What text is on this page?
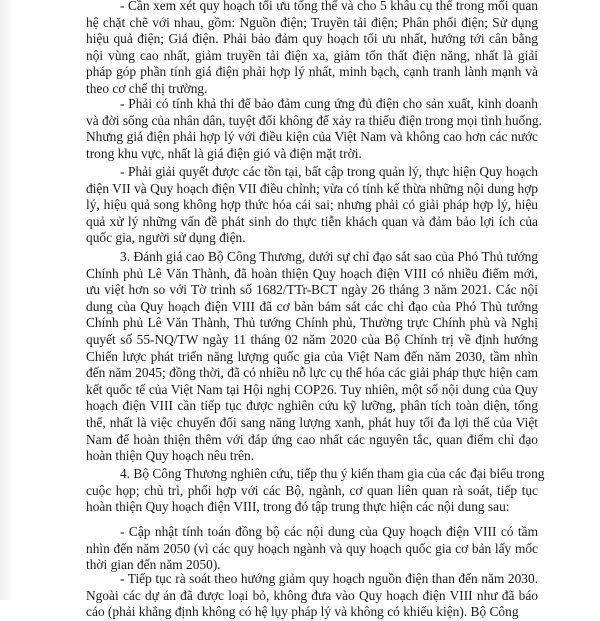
- Cần xem xét quy hoạch tổi ưu tổng thể và cho 5 khâu cụ thể trong mối quan
hệ chặt chẽ với nhau, gồm: Nguồn điện; Truyền tải điện; Phân phối điện; Sử dụng
hiệu quả điện; Giá điện. Phải bảo đảm quy hoạch tối ưu nhất, hướng tới cân bằng
nội vùng cao nhất, giảm truyền tải điện xa, giảm tổn thất điện năng, nhất là giải
pháp góp phần tính giá điện phải hợp lý nhất, minh bạch, cạnh tranh lành mạnh và
theo cơ chế thị trường.
- Phải có tính khả thi để bảo đảm cung ứng đủ điện cho sản xuất, kinh doanh
và đời sống của nhân dân, tuyệt đối không để xảy ra thiếu điện trong mọi tình huống.
Nhưng giá điện phải hợp lý với điều kiện của Việt Nam và không cao hơn các nước
trong khu vực, nhất là giá điện gió và điện mặt trời.
- Phải giải quyết được các tồn tại, bất cập trong quản lý, thực hiện Quy hoạch
điện VII và Quy hoạch điện VII điều chỉnh; vừa có tính kế thừa những nội dung hợp
lý, hiệu quả song không hợp thức hóa cái sai; nhưng phải có giải pháp hợp lý, hiệu
quả xử lý những vấn đề phát sinh do thực tiễn khách quan và đảm bảo lợi ích của
quốc gia, người sử dụng điện.
3. Đánh giá cao Bộ Công Thương, dưới sự chỉ đạo sát sao của Phó Thủ tướng
Chính phủ Lê Văn Thành, đã hoàn thiện Quy hoạch điện VIII có nhiều điểm mới,
ưu việt hơn so với Tờ trình số 1682/TTr-BCT ngày 26 tháng 3 năm 2021. Các nội
dung của Quy hoạch điện VIII đã cơ bản bám sát các chỉ đạo của Phó Thủ tướng
Chính phủ Lê Văn Thành, Thủ tướng Chính phủ, Thường trực Chính phủ và Nghị
quyết số 55-NQ/TW ngày 11 tháng 02 năm 2020 của Bộ Chính trị về định hướng
Chiến lược phát triển năng lượng quốc gia của Việt Nam đến năm 2030, tầm nhìn
đến năm 2045; đồng thời, đã có nhiều nỗ lực cụ thể hóa các giải pháp thực hiện cam
kết quốc tế của Việt Nam tại Hội nghị COP26. Tuy nhiên, một số nội dung của Quy
hoạch điện VIII cần tiếp tục được nghiên cứu kỹ lưỡng, phân tích toàn diện, tổng
thể, nhất là việc chuyển đổi sang năng lượng xanh, phát huy tối đa lợi thế của Việt
Nam để hoàn thiện thêm với đáp ứng cao nhất các nguyên tắc, quan điểm chỉ đạo
hoàn thiện Quy hoạch nêu trên.
4. Bộ Công Thương nghiên cứu, tiếp thu ý kiến tham gia của các đại biểu trong
cuộc họp; chủ trì, phối hợp với các Bộ, ngành, cơ quan liên quan rà soát, tiếp tục
hoàn thiện Quy hoạch điện VIII, trong đó tập trung thực hiện các nội dung sau:
- Cập nhật tính toán đồng bộ các nội dung của Quy hoạch điện VIII có tầm
nhìn đến năm 2050 (vì các quy hoạch ngành và quy hoạch quốc gia cơ bản lấy mốc
thời gian đến năm 2050).
- Tiếp tục rà soát theo hướng giảm quy hoạch nguồn điện than đến năm 2030.
Ngoài các dự án đã được loại bỏ, không đưa vào Quy hoạch điện VIII như đã báo
cáo (phải khẳng định không có hệ lụy pháp lý và không có khiếu kiện). Bộ Công
